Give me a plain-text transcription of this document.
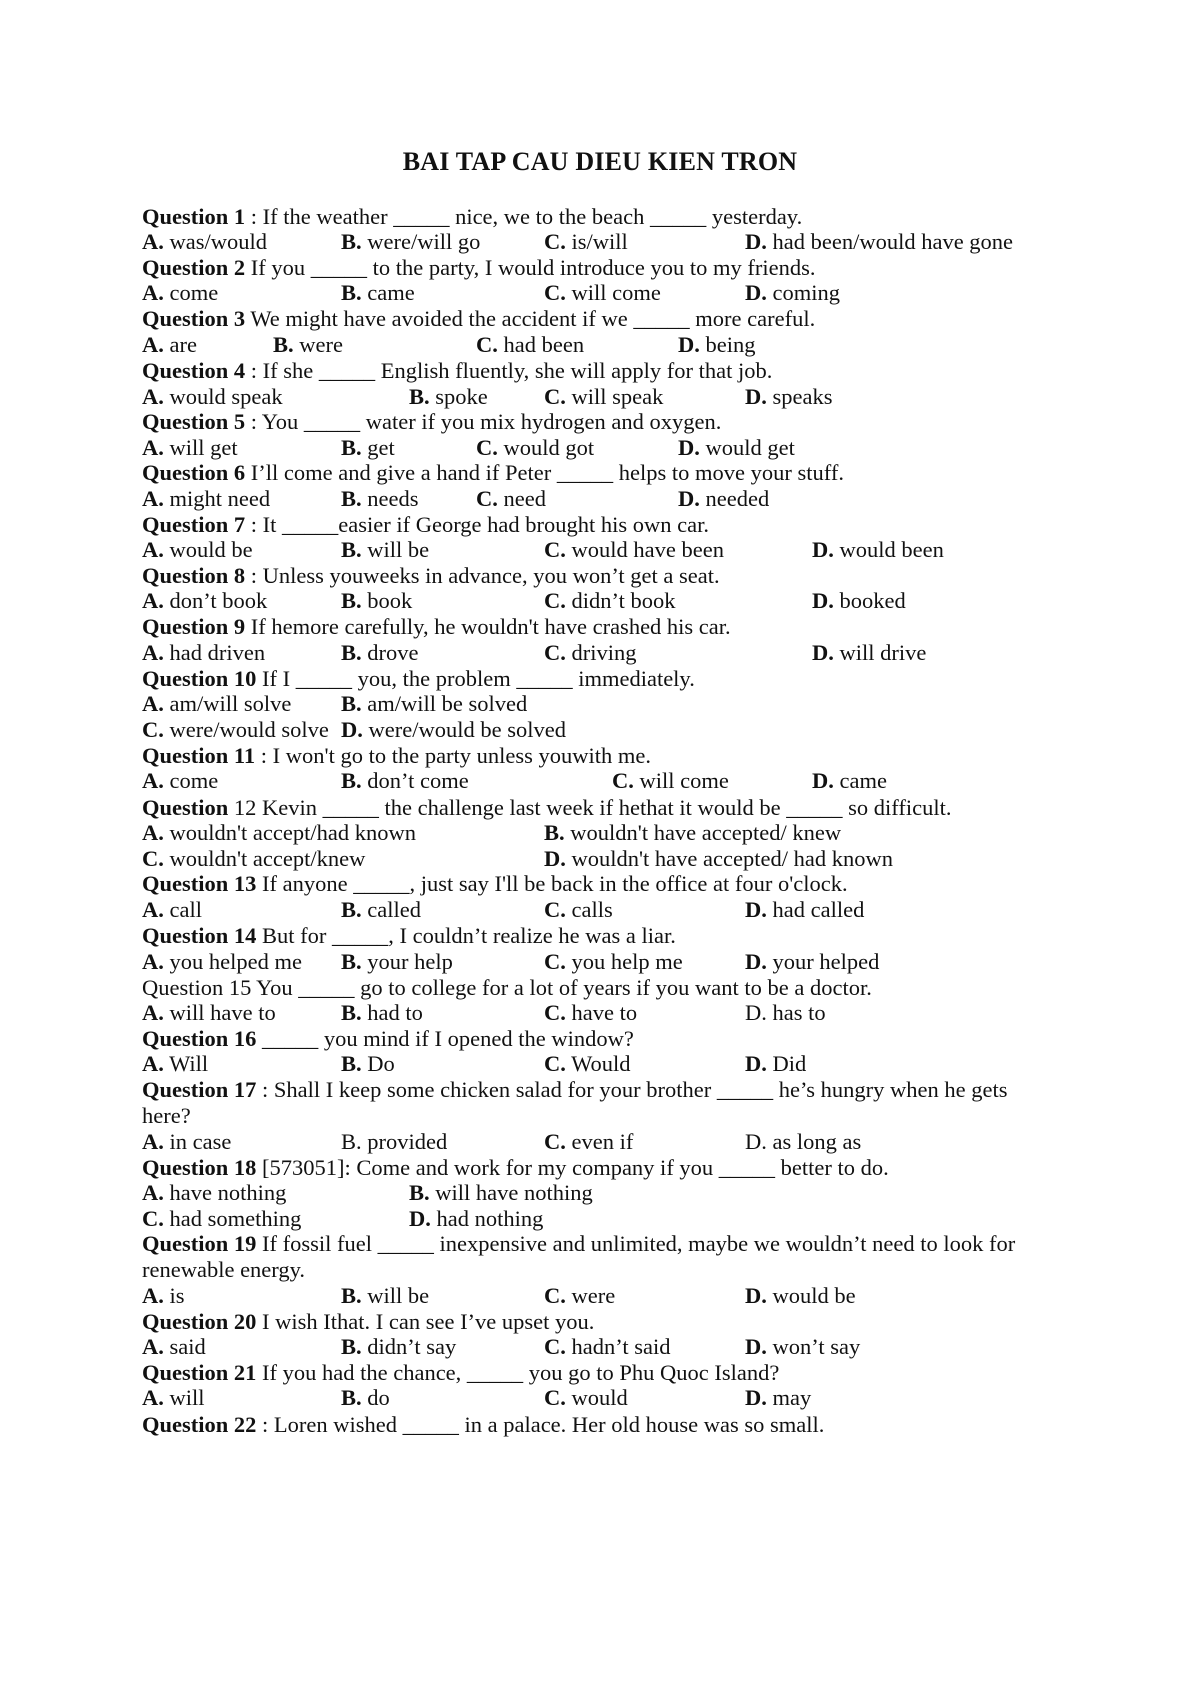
BAI TAP CAU DIEU KIEN TRON
Question 1 : If the weather _____ nice, we to the beach _____ yesterday.
A. was/would	B. were/will go	C. is/will	D. had been/would have gone
Question 2 If you _____ to the party, I would introduce you to my friends.
A. come	B. came	C. will come	D. coming
Question 3 We might have avoided the accident if we _____ more careful.
A. are	B. were	C. had been	D. being
Question 4 : If she _____ English fluently, she will apply for that job.
A. would speak	B. spoke C. will speak	D. speaks
Question 5 : You _____ water if you mix hydrogen and oxygen.
A. will get	B. get	C. would got	D. would get
Question 6 I’ll come and give a hand if Peter _____ helps to move your stuff.
A. might need	B. needs	C. need	D. needed
Question 7 : It _____easier if George had brought his own car.
A. would be	B. will be	C. would have been	D. would been
Question 8 : Unless youweeks in advance, you won’t get a seat.
A. don’t book	B. book	C. didn’t book	D. booked
Question 9 If hemore carefully, he wouldn't have crashed his car.
A. had driven	B. drove	C. driving	D. will drive
Question 10 If I _____ you, the problem _____ immediately.
A. am/will solve B. am/will be solved
C. were/would solve D. were/would be solved
Question 11 : I won't go to the party unless youwith me.
A. come	B. don’t come	C. will come	D. came
Question 12 Kevin _____ the challenge last week if hethat it would be _____ so difficult.
A. wouldn't accept/had known	B. wouldn't have accepted/ knew
C. wouldn't accept/knew	D. wouldn't have accepted/ had known
Question 13 If anyone _____, just say I'll be back in the office at four o'clock.
A. call	B. called	C. calls	D. had called
Question 14 But for _____, I couldn’t realize he was a liar.
A. you helped me B. your help	C. you help me	D. your helped
Question 15 You _____ go to college for a lot of years if you want to be a doctor.
A. will have to	B. had to	C. have to	D. has to
Question 16 _____ you mind if I opened the window?
A. Will	B. Do	C. Would	D. Did
Question 17 : Shall I keep some chicken salad for your brother _____ he’s hungry when he gets
here?
A. in case	B. provided	C. even if	D. as long as
Question 18 [573051]: Come and work for my company if you _____ better to do.
A. have nothing	B. will have nothing
C. had something	D. had nothing
Question 19 If fossil fuel _____ inexpensive and unlimited, maybe we wouldn’t need to look for
renewable energy.
A. is	B. will be	C. were	D. would be
Question 20 I wish Ithat. I can see I’ve upset you.
A. said	B. didn’t say	C. hadn’t said	D. won’t say
Question 21 If you had the chance, _____ you go to Phu Quoc Island?
A. will	B. do	C. would	D. may
Question 22 : Loren wished _____ in a palace. Her old house was so small.
